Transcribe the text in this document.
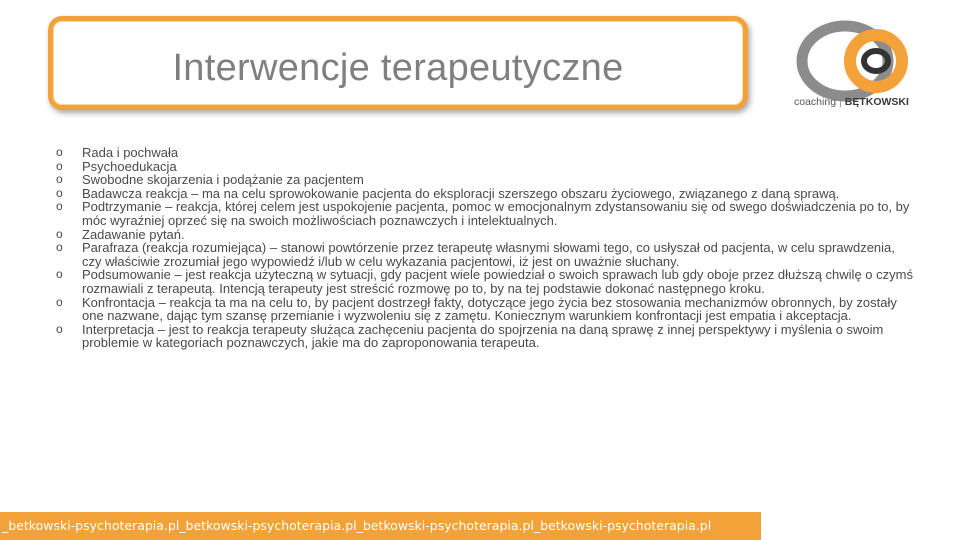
Interwencje terapeutyczne
coaching | BĘTKOWSKI
o Rada i pochwała
o Psychoedukacja
o Swobodne skojarzenia i podążanie za pacjentem
o Badawcza reakcja – ma na celu sprowokowanie pacjenta do eksploracji szerszego obszaru życiowego, związanego z daną sprawą.
o Podtrzymanie – reakcja, której celem jest uspokojenie pacjenta, pomoc w emocjonalnym zdystansowaniu się od swego doświadczenia po to, by móc wyraźniej oprzeć się na swoich możliwościach poznawczych i intelektualnych.
o Zadawanie pytań.
o Parafraza (reakcja rozumiejąca) – stanowi powtórzenie przez terapeutę własnymi słowami tego, co usłyszał od pacjenta, w celu sprawdzenia, czy właściwie zrozumiał jego wypowiedź i/lub w celu wykazania pacjentowi, iż jest on uważnie słuchany.
o Podsumowanie – jest reakcja użyteczną w sytuacji, gdy pacjent wiele powiedział o swoich sprawach lub gdy oboje przez dłuższą chwilę o czymś rozmawiali z terapeutą. Intencją terapeuty jest streścić rozmowę po to, by na tej podstawie dokonać następnego kroku.
o Konfrontacja – reakcja ta ma na celu to, by pacjent dostrzegł fakty, dotyczące jego życia bez stosowania mechanizmów obronnych, by zostały one nazwane, dając tym szansę przemianie i wyzwoleniu się z zamętu. Koniecznym warunkiem konfrontacji jest empatia i akceptacja.
o Interpretacja – jest to reakcja terapeuty służąca zachęceniu pacjenta do spojrzenia na daną sprawę z innej perspektywy i myślenia o swoim problemie w kategoriach poznawczych, jakie ma do zaproponowania terapeuta.
_betkowski-psychoterapia.pl_betkowski-psychoterapia.pl_betkowski-psychoterapia.pl_betkowski-psychoterapia.pl
